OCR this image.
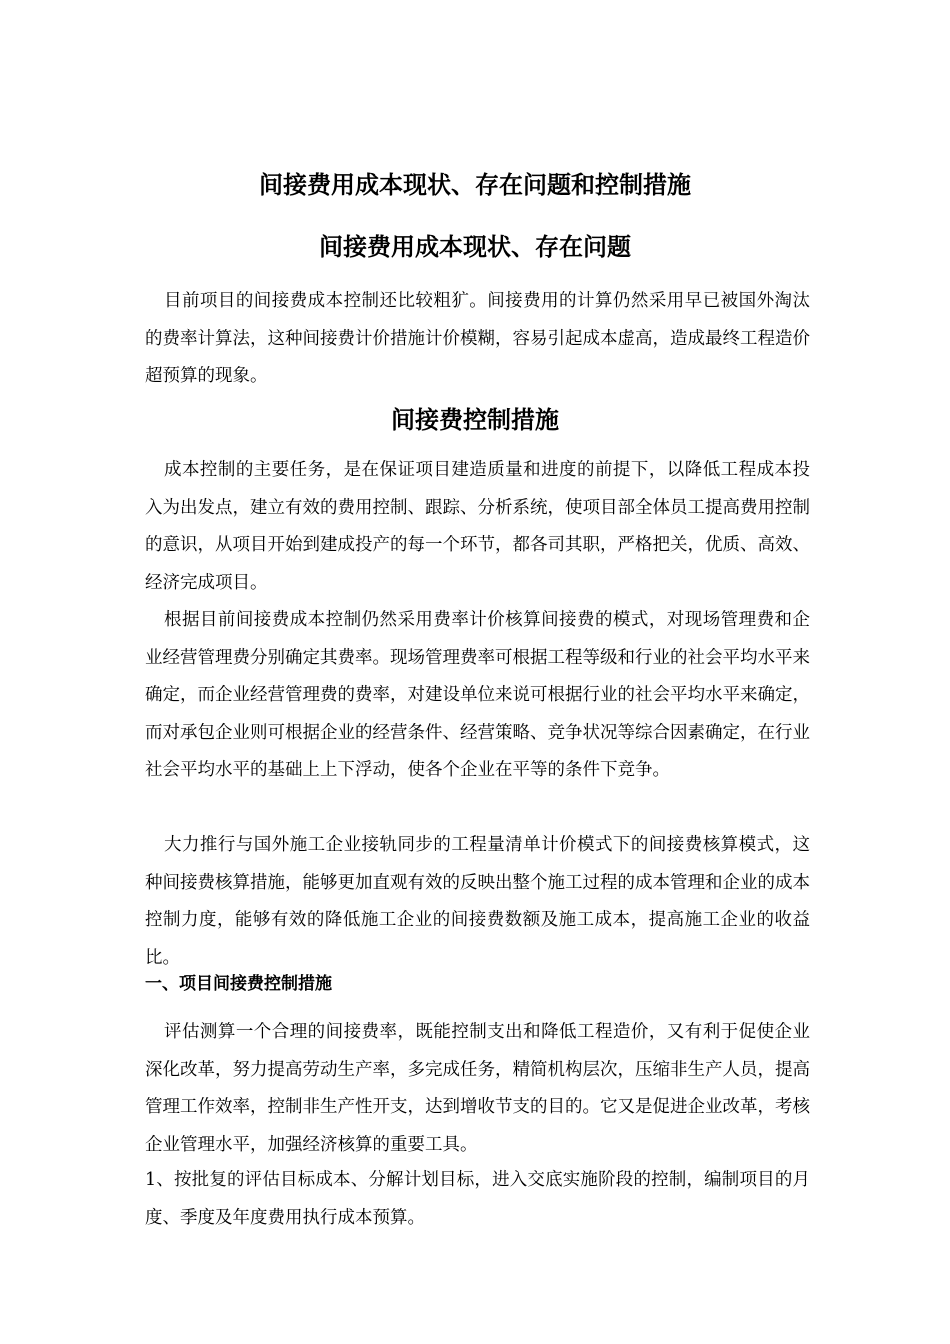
间接费用成本现状、存在问题和控制措施
间接费用成本现状、存在问题

目前项目的间接费成本控制还比较粗犷。间接费用的计算仍然采用早已被国外淘汰的费率计算法，这种间接费计价措施计价模糊，容易引起成本虚高，造成最终工程造价超预算的现象。

间接费控制措施

成本控制的主要任务，是在保证项目建造质量和进度的前提下，以降低工程成本投入为出发点，建立有效的费用控制、跟踪、分析系统，使项目部全体员工提高费用控制的意识，从项目开始到建成投产的每一个环节，都各司其职，严格把关，优质、高效、经济完成项目。

根据目前间接费成本控制仍然采用费率计价核算间接费的模式，对现场管理费和企业经营管理费分别确定其费率。现场管理费率可根据工程等级和行业的社会平均水平来确定，而企业经营管理费的费率，对建设单位来说可根据行业的社会平均水平来确定，而对承包企业则可根据企业的经营条件、经营策略、竞争状况等综合因素确定，在行业社会平均水平的基础上上下浮动，使各个企业在平等的条件下竞争。

大力推行与国外施工企业接轨同步的工程量清单计价模式下的间接费核算模式，这种间接费核算措施，能够更加直观有效的反映出整个施工过程的成本管理和企业的成本控制力度，能够有效的降低施工企业的间接费数额及施工成本，提高施工企业的收益比。

一、项目间接费控制措施

评估测算一个合理的间接费率，既能控制支出和降低工程造价，又有利于促使企业深化改革，努力提高劳动生产率，多完成任务，精简机构层次，压缩非生产人员，提高管理工作效率，控制非生产性开支，达到增收节支的目的。它又是促进企业改革，考核企业管理水平，加强经济核算的重要工具。

1、按批复的评估目标成本、分解计划目标，进入交底实施阶段的控制，编制项目的月度、季度及年度费用执行成本预算。
